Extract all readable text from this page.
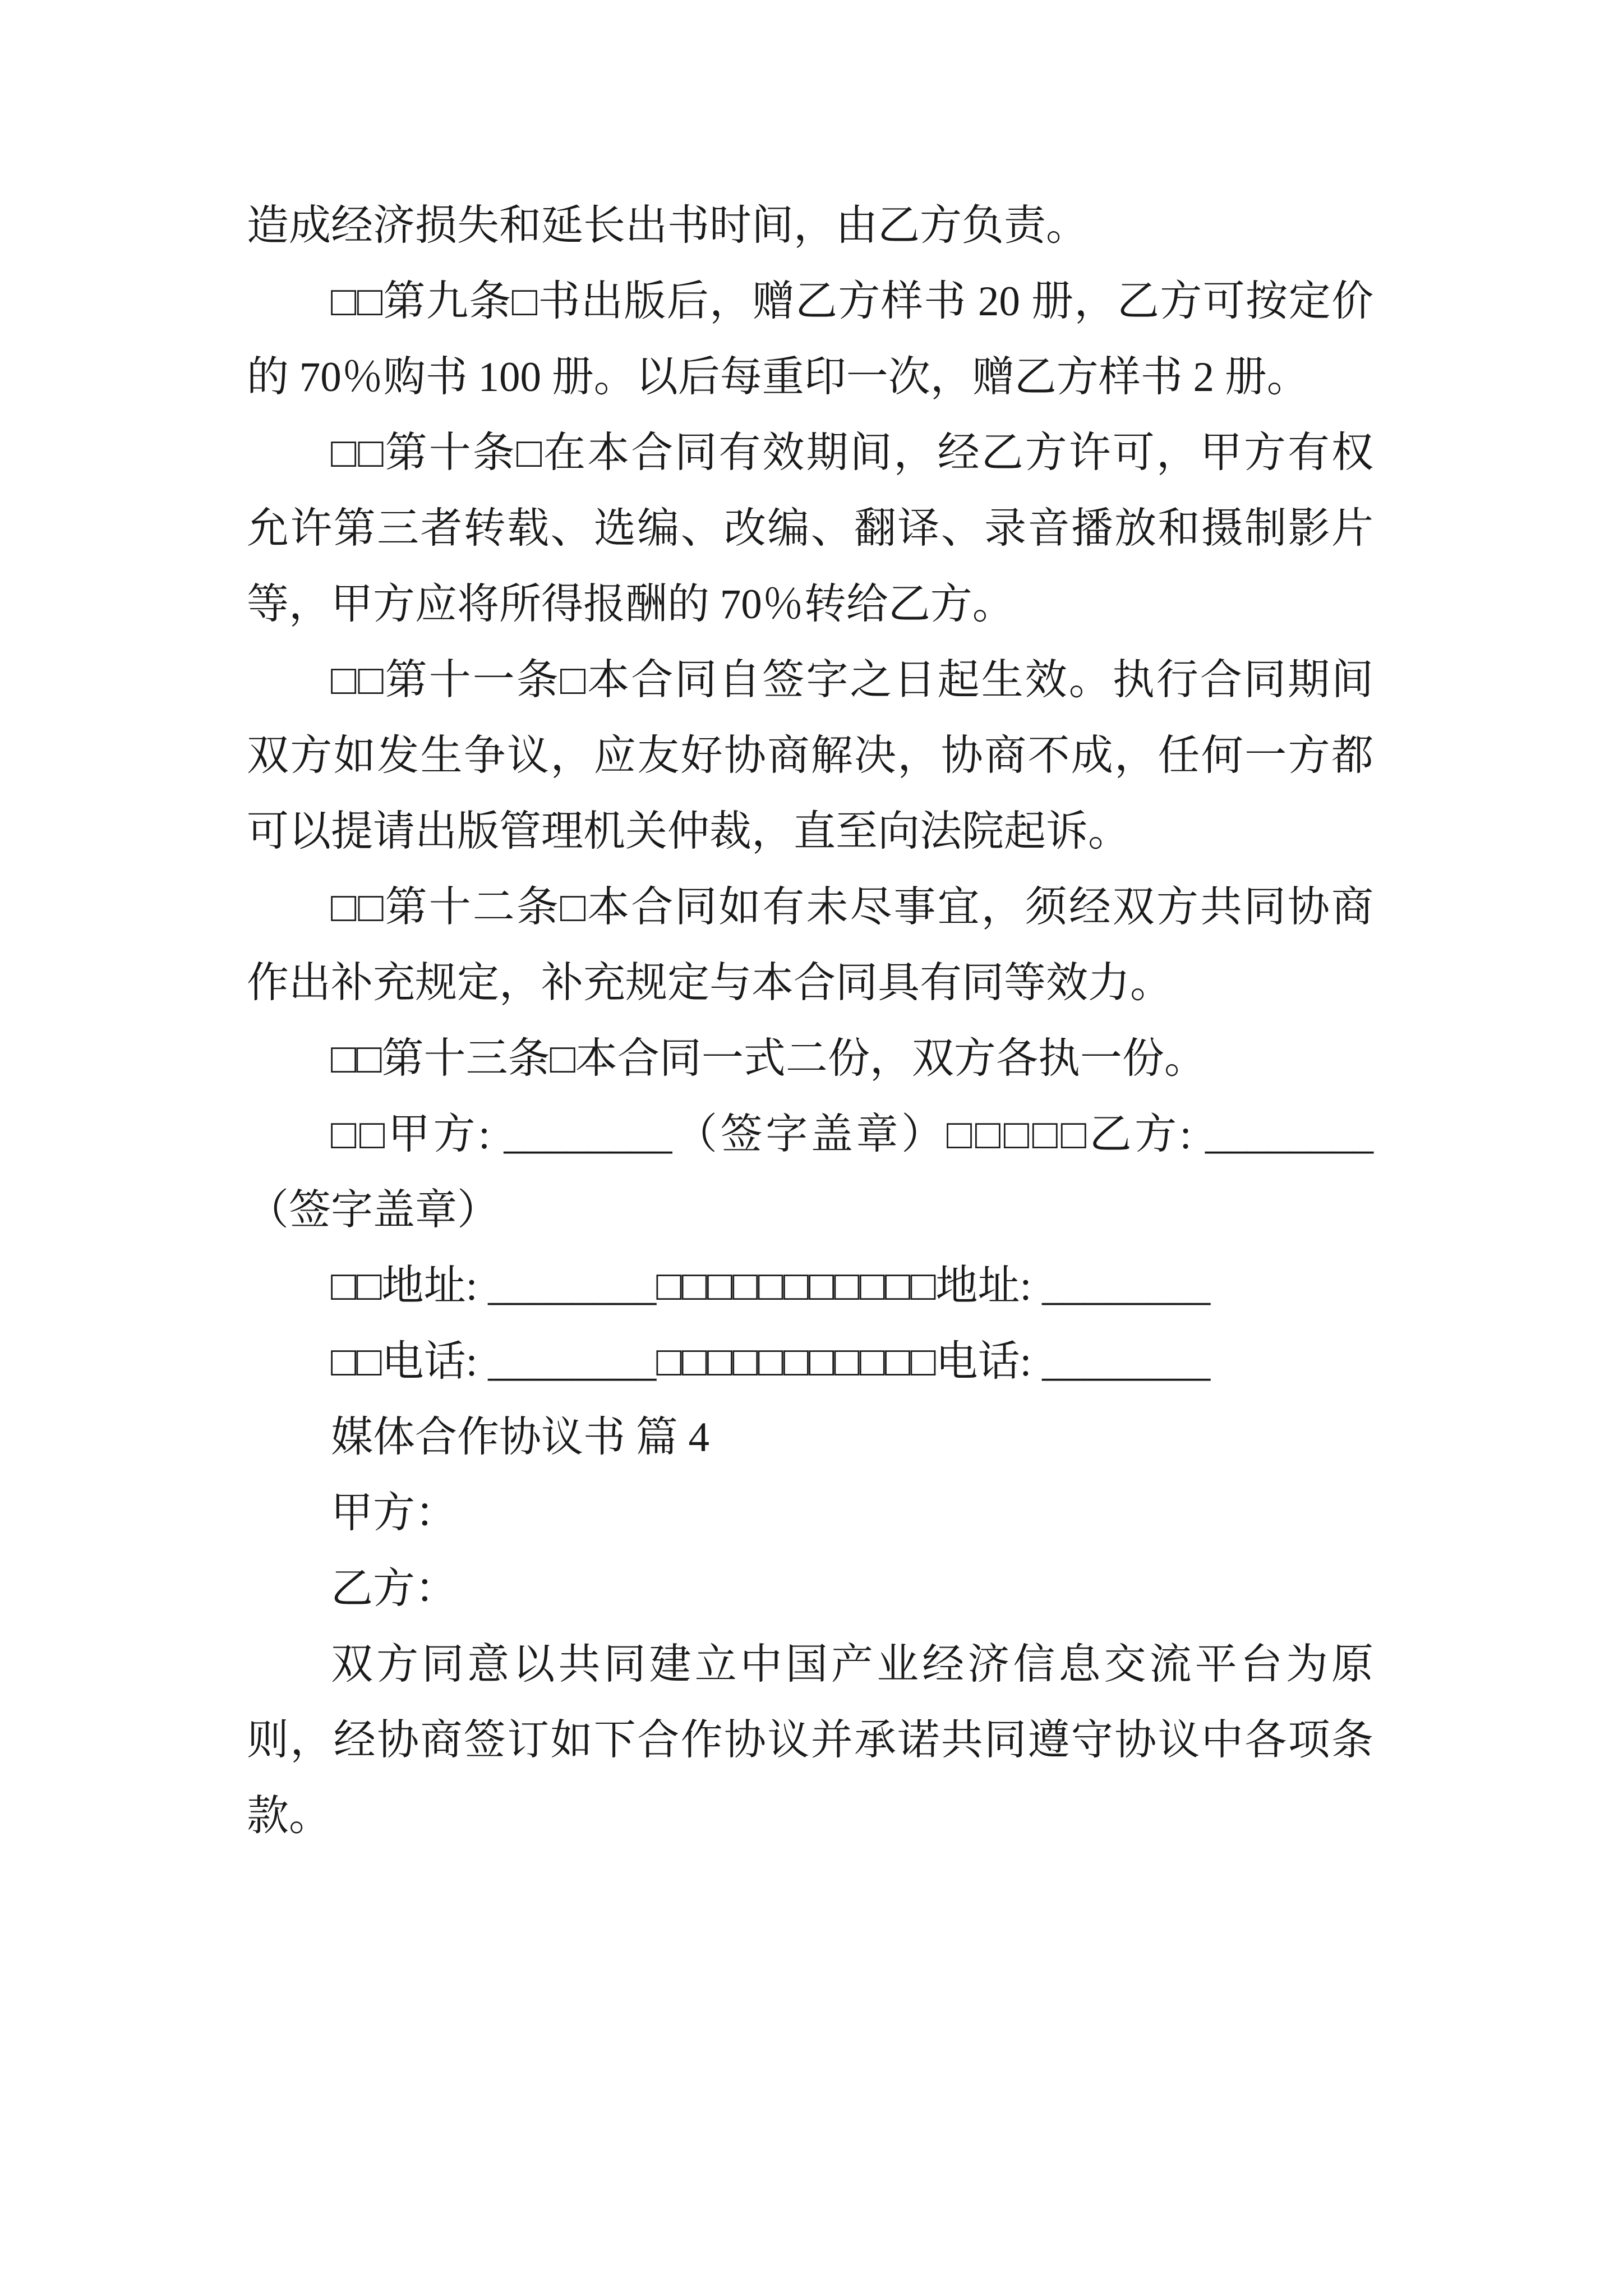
造成经济损失和延长出书时间，由乙方负责。

□□第九条□书出版后，赠乙方样书 20 册，乙方可按定价的 70％购书 100 册。以后每重印一次，赠乙方样书 2 册。

□□第十条□在本合同有效期间，经乙方许可，甲方有权允许第三者转载、选编、改编、翻译、录音播放和摄制影片等，甲方应将所得报酬的 70％转给乙方。

□□第十一条□本合同自签字之日起生效。执行合同期间双方如发生争议，应友好协商解决，协商不成，任何一方都可以提请出版管理机关仲裁，直至向法院起诉。

□□第十二条□本合同如有未尽事宜，须经双方共同协商作出补充规定，补充规定与本合同具有同等效力。

□□第十三条□本合同一式二份，双方各执一份。

□□甲方: ________（签字盖章）□□□□□乙方: ________（签字盖章）

□□地址: ________□□□□□□□□□□□地址: ________

□□电话: ________□□□□□□□□□□□电话: ________

媒体合作协议书 篇 4

甲方：

乙方：

双方同意以共同建立中国产业经济信息交流平台为原则，经协商签订如下合作协议并承诺共同遵守协议中各项条款。
